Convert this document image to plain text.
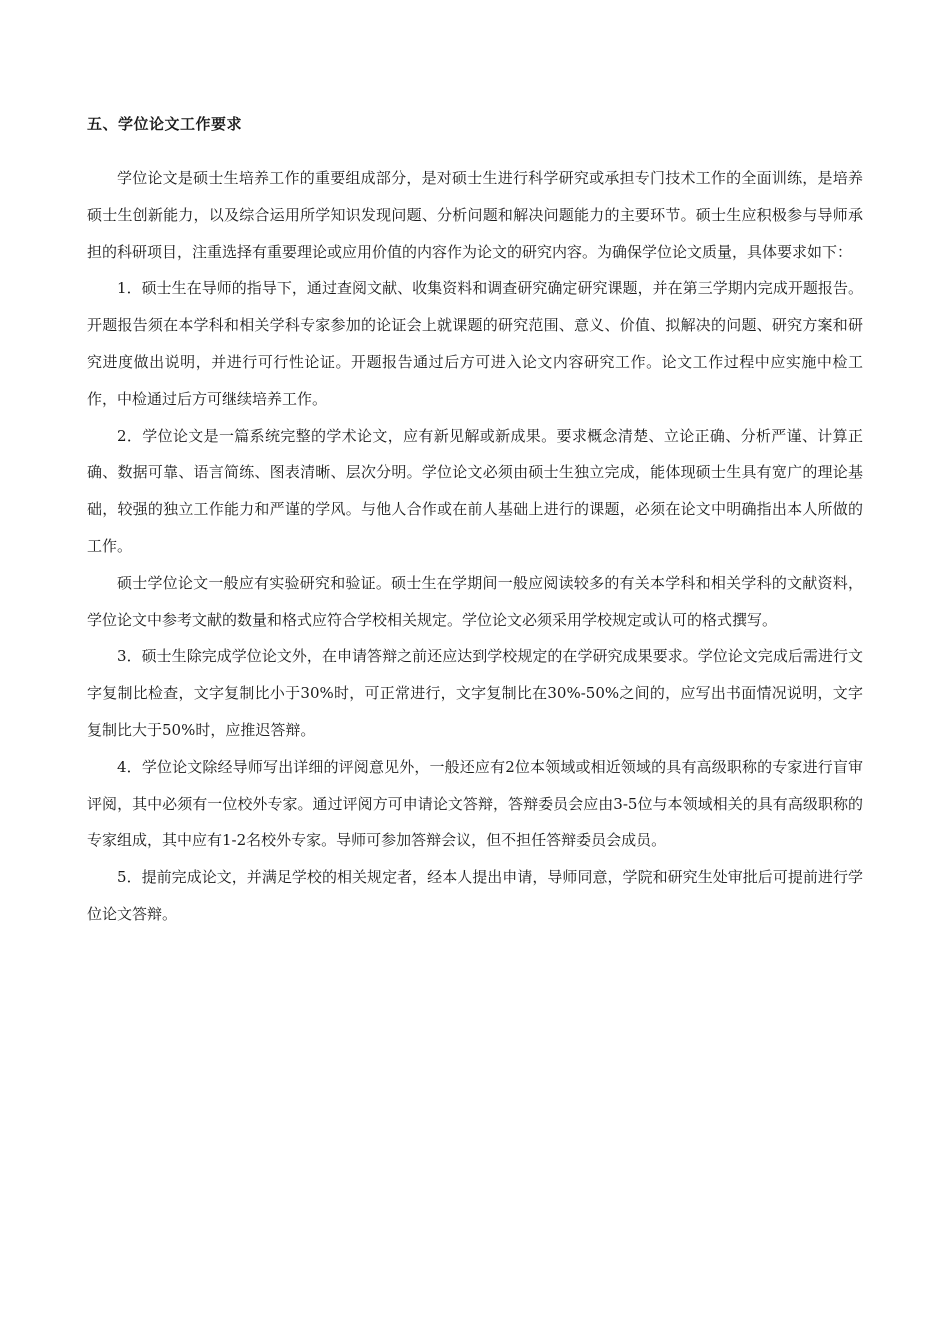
五、学位论文工作要求

学位论文是硕士生培养工作的重要组成部分，是对硕士生进行科学研究或承担专门技术工作的全面训练，是培养硕士生创新能力，以及综合运用所学知识发现问题、分析问题和解决问题能力的主要环节。硕士生应积极参与导师承担的科研项目，注重选择有重要理论或应用价值的内容作为论文的研究内容。为确保学位论文质量，具体要求如下：

1．硕士生在导师的指导下，通过查阅文献、收集资料和调查研究确定研究课题，并在第三学期内完成开题报告。开题报告须在本学科和相关学科专家参加的论证会上就课题的研究范围、意义、价值、拟解决的问题、研究方案和研究进度做出说明，并进行可行性论证。开题报告通过后方可进入论文内容研究工作。论文工作过程中应实施中检工作，中检通过后方可继续培养工作。

2．学位论文是一篇系统完整的学术论文，应有新见解或新成果。要求概念清楚、立论正确、分析严谨、计算正确、数据可靠、语言简练、图表清晰、层次分明。学位论文必须由硕士生独立完成，能体现硕士生具有宽广的理论基础，较强的独立工作能力和严谨的学风。与他人合作或在前人基础上进行的课题，必须在论文中明确指出本人所做的工作。

硕士学位论文一般应有实验研究和验证。硕士生在学期间一般应阅读较多的有关本学科和相关学科的文献资料，学位论文中参考文献的数量和格式应符合学校相关规定。学位论文必须采用学校规定或认可的格式撰写。

3．硕士生除完成学位论文外，在申请答辩之前还应达到学校规定的在学研究成果要求。学位论文完成后需进行文字复制比检查，文字复制比小于30%时，可正常进行，文字复制比在30%-50%之间的，应写出书面情况说明，文字复制比大于50%时，应推迟答辩。

4．学位论文除经导师写出详细的评阅意见外，一般还应有2位本领域或相近领域的具有高级职称的专家进行盲审评阅，其中必须有一位校外专家。通过评阅方可申请论文答辩，答辩委员会应由3-5位与本领域相关的具有高级职称的专家组成，其中应有1-2名校外专家。导师可参加答辩会议，但不担任答辩委员会成员。

5．提前完成论文，并满足学校的相关规定者，经本人提出申请，导师同意，学院和研究生处审批后可提前进行学位论文答辩。
